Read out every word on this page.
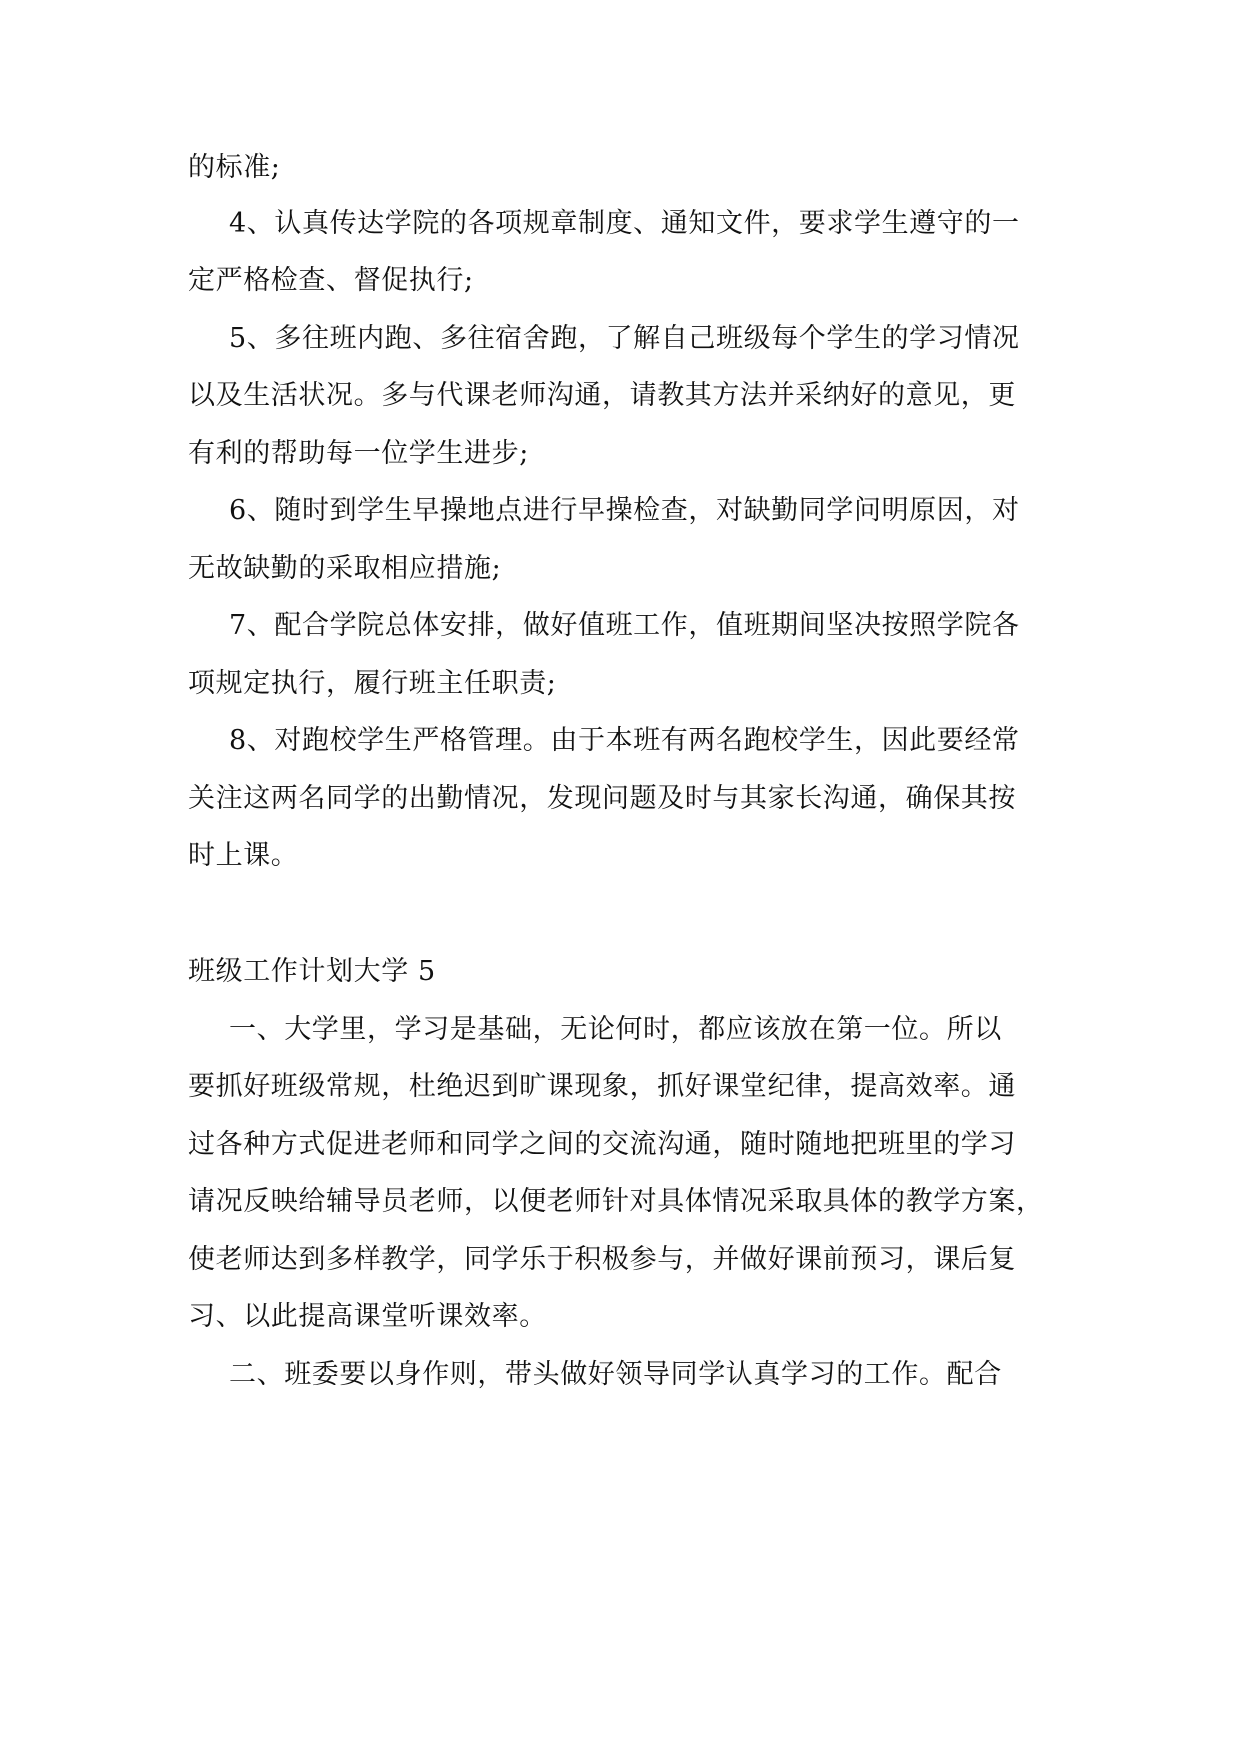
的标准;
4、认真传达学院的各项规章制度、通知文件，要求学生遵守的一
定严格检查、督促执行;
5、多往班内跑、多往宿舍跑，了解自己班级每个学生的学习情况
以及生活状况。多与代课老师沟通，请教其方法并采纳好的意见，更
有利的帮助每一位学生进步;
6、随时到学生早操地点进行早操检查，对缺勤同学问明原因，对
无故缺勤的采取相应措施;
7、配合学院总体安排，做好值班工作，值班期间坚决按照学院各
项规定执行，履行班主任职责;
8、对跑校学生严格管理。由于本班有两名跑校学生，因此要经常
关注这两名同学的出勤情况，发现问题及时与其家长沟通，确保其按
时上课。
班级工作计划大学 5
一、大学里，学习是基础，无论何时，都应该放在第一位。所以
要抓好班级常规，杜绝迟到旷课现象，抓好课堂纪律，提高效率。通
过各种方式促进老师和同学之间的交流沟通，随时随地把班里的学习
请况反映给辅导员老师，以便老师针对具体情况采取具体的教学方案，
使老师达到多样教学，同学乐于积极参与，并做好课前预习，课后复
习、以此提高课堂听课效率。
二、班委要以身作则，带头做好领导同学认真学习的工作。配合
